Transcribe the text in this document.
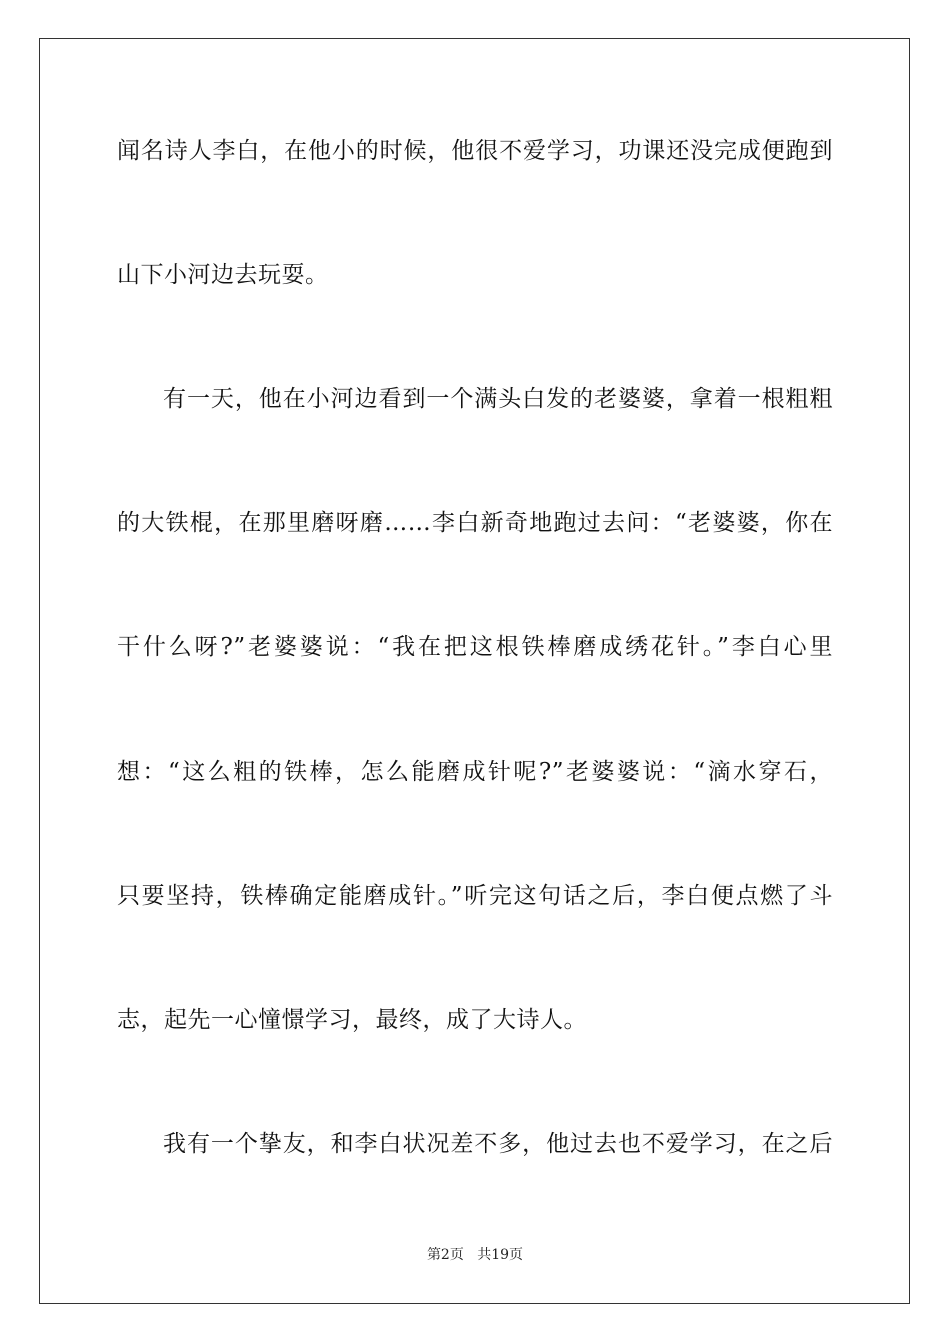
闻名诗人李白，在他小的时候，他很不爱学习，功课还没完成便跑到
山下小河边去玩耍。
有一天，他在小河边看到一个满头白发的老婆婆，拿着一根粗粗
的大铁棍，在那里磨呀磨……李白新奇地跑过去问：“老婆婆，你在
干什么呀?”老婆婆说：“我在把这根铁棒磨成绣花针。”李白心里
想：“这么粗的铁棒，怎么能磨成针呢?”老婆婆说：“滴水穿石，
只要坚持，铁棒确定能磨成针。”听完这句话之后，李白便点燃了斗
志，起先一心憧憬学习，最终，成了大诗人。
我有一个挚友，和李白状况差不多，他过去也不爱学习，在之后
第2页 共19页
